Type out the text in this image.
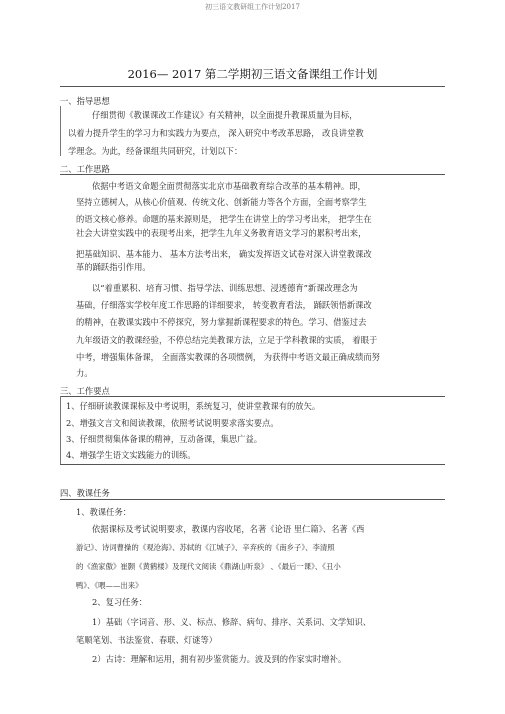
初三语文教研组工作计划2017
2016— 2017 第二学期初三语文备课组工作计划
一、指导思想
仔细贯彻《教课课改工作建议》有关精神，以全面提升教课质量为目标，
以着力提升学生的学习力和实践力为要点， 深入研究中考改革思路， 改良讲堂教
学理念。为此，经备课组共同研究，计划以下：
二、工作思路
依据中考语文命题全面贯彻落实北京市基础教育综合改革的基本精神。即，
坚持立德树人，从核心价值观、传统文化、创新能力等各个方面，全面考察学生
的语文核心修养。命题的基来源则是， 把学生在讲堂上的学习考出来， 把学生在
社会大讲堂实践中的表现考出来，把学生九年义务教育语文学习的累积考出来，
把基础知识、基本能力、 基本方法考出来， 确实发挥语文试卷对深入讲堂教课改
革的踊跃指引作用。
以“着重累积、培育习惯、指导学法、训练思想、浸透德育”新课改理念为
基础，仔细落实学校年度工作思路的详细要求， 转变教育看法， 踊跃领悟新课改
的精神，在教课实践中不停探究，努力掌握新课程要求的特色。学习、借鉴过去
九年级语文的教课经验，不停总结完美教课方法，立足于学科教课的实质， 着眼于
中考，增强集体备课， 全面落实教课的各项惯例， 为获得中考语文最正确成绩而努
力。
三、工作要点
1、仔细研读教课课标及中考说明，系统复习，使讲堂教课有的放矢。
2、增强文言文和阅读教课，依照考试说明要求落实要点。
3、仔细贯彻集体备课的精神，互动备课，集思广益。
4、增强学生语文实践能力的训练。
四、教课任务
1、教课任务：
依据课标及考试说明要求，教课内容收尾，名著《论语 里仁篇》、名著《西
游记》、诗词曹操的《观沧海》、苏轼的《江城子》、辛弃疾的《南乡子》、李清照
的《渔家傲》崔颢《黄鹤楼》及现代文阅读《鼎湖山听泉》 、《最后一课》、《丑小
鸭》、《喂——出来》
2、复习任务：
1）基础（字词音、形、义、标点、修辞、病句、排序、关系词、文学知识、
笔顺笔划、书法鉴赏、春联、灯谜等）
2）古诗：理解和运用，拥有初步鉴赏能力。波及到的作家实时增补。
